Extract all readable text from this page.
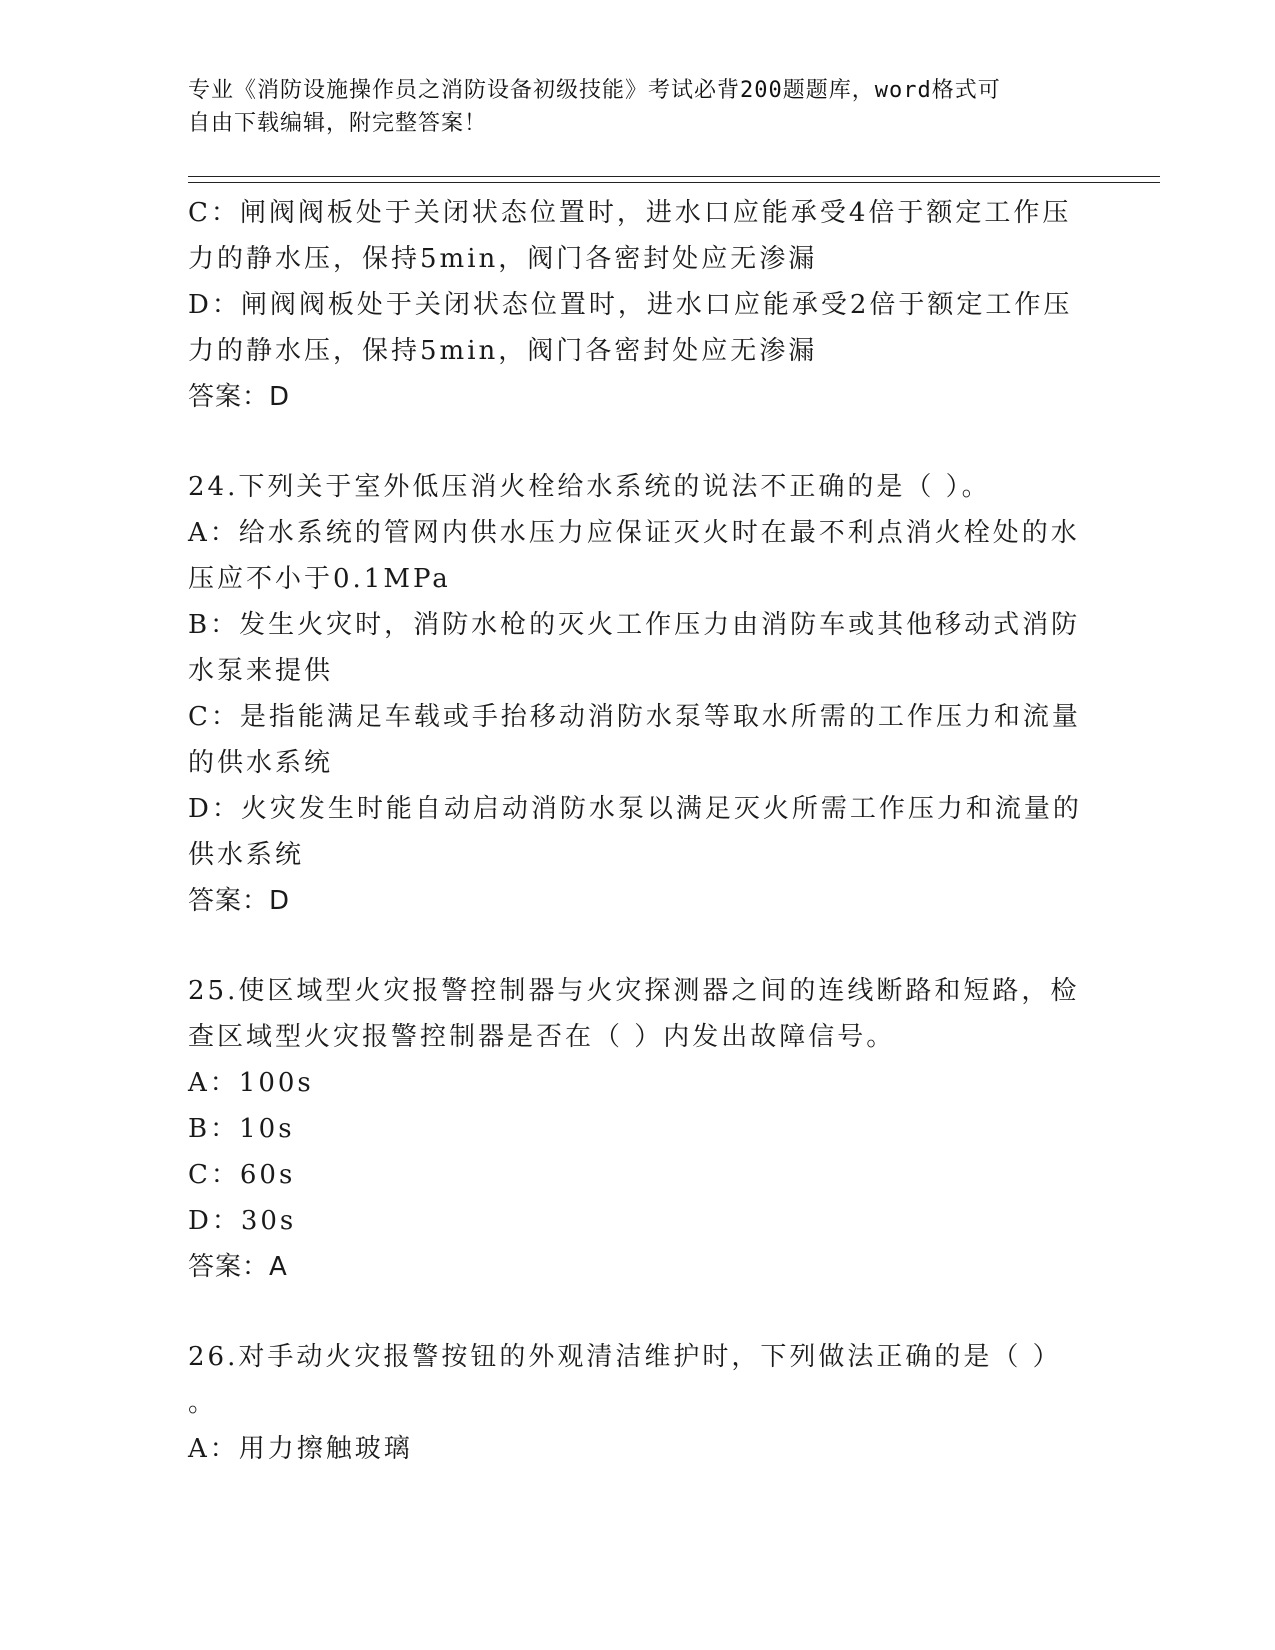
专业《消防设施操作员之消防设备初级技能》考试必背200题题库，word格式可
自由下载编辑，附完整答案！
C：闸阀阀板处于关闭状态位置时，进水口应能承受4倍于额定工作压
力的静水压，保持5min，阀门各密封处应无渗漏
D：闸阀阀板处于关闭状态位置时，进水口应能承受2倍于额定工作压
力的静水压，保持5min，阀门各密封处应无渗漏
答案：D
24.下列关于室外低压消火栓给水系统的说法不正确的是（ ）。
A：给水系统的管网内供水压力应保证灭火时在最不利点消火栓处的水
压应不小于0.1MPa
B：发生火灾时，消防水枪的灭火工作压力由消防车或其他移动式消防
水泵来提供
C：是指能满足车载或手抬移动消防水泵等取水所需的工作压力和流量
的供水系统
D：火灾发生时能自动启动消防水泵以满足灭火所需工作压力和流量的
供水系统
答案：D
25.使区域型火灾报警控制器与火灾探测器之间的连线断路和短路，检
查区域型火灾报警控制器是否在（ ）内发出故障信号。
A：100s
B：10s
C：60s
D：30s
答案：A
26.对手动火灾报警按钮的外观清洁维护时，下列做法正确的是（ ）
。
A：用力擦触玻璃
